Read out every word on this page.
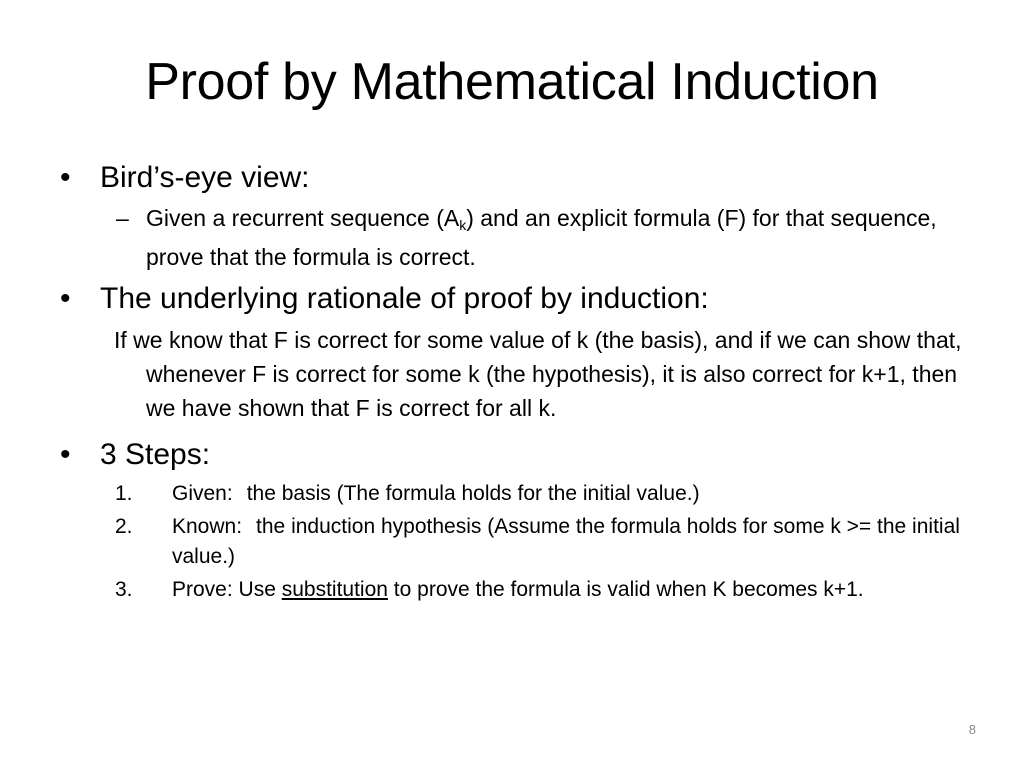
Proof by Mathematical Induction
• Bird’s-eye view:
– Given a recurrent sequence $(A_k)$ and an explicit formula (F) for that sequence, prove that the formula is correct.
• The underlying rationale of proof by induction:
If we know that F is correct for some value of k (the basis), and if we can show that, whenever F is correct for some k (the hypothesis), it is also correct for k+1, then we have shown that F is correct for all k.
• 3 Steps:
1. Given: the basis (The formula holds for the initial value.)
2. Known: the induction hypothesis (Assume the formula holds for some k >= the initial value.)
3. Prove: Use substitution to prove the formula is valid when K becomes k+1.
8
